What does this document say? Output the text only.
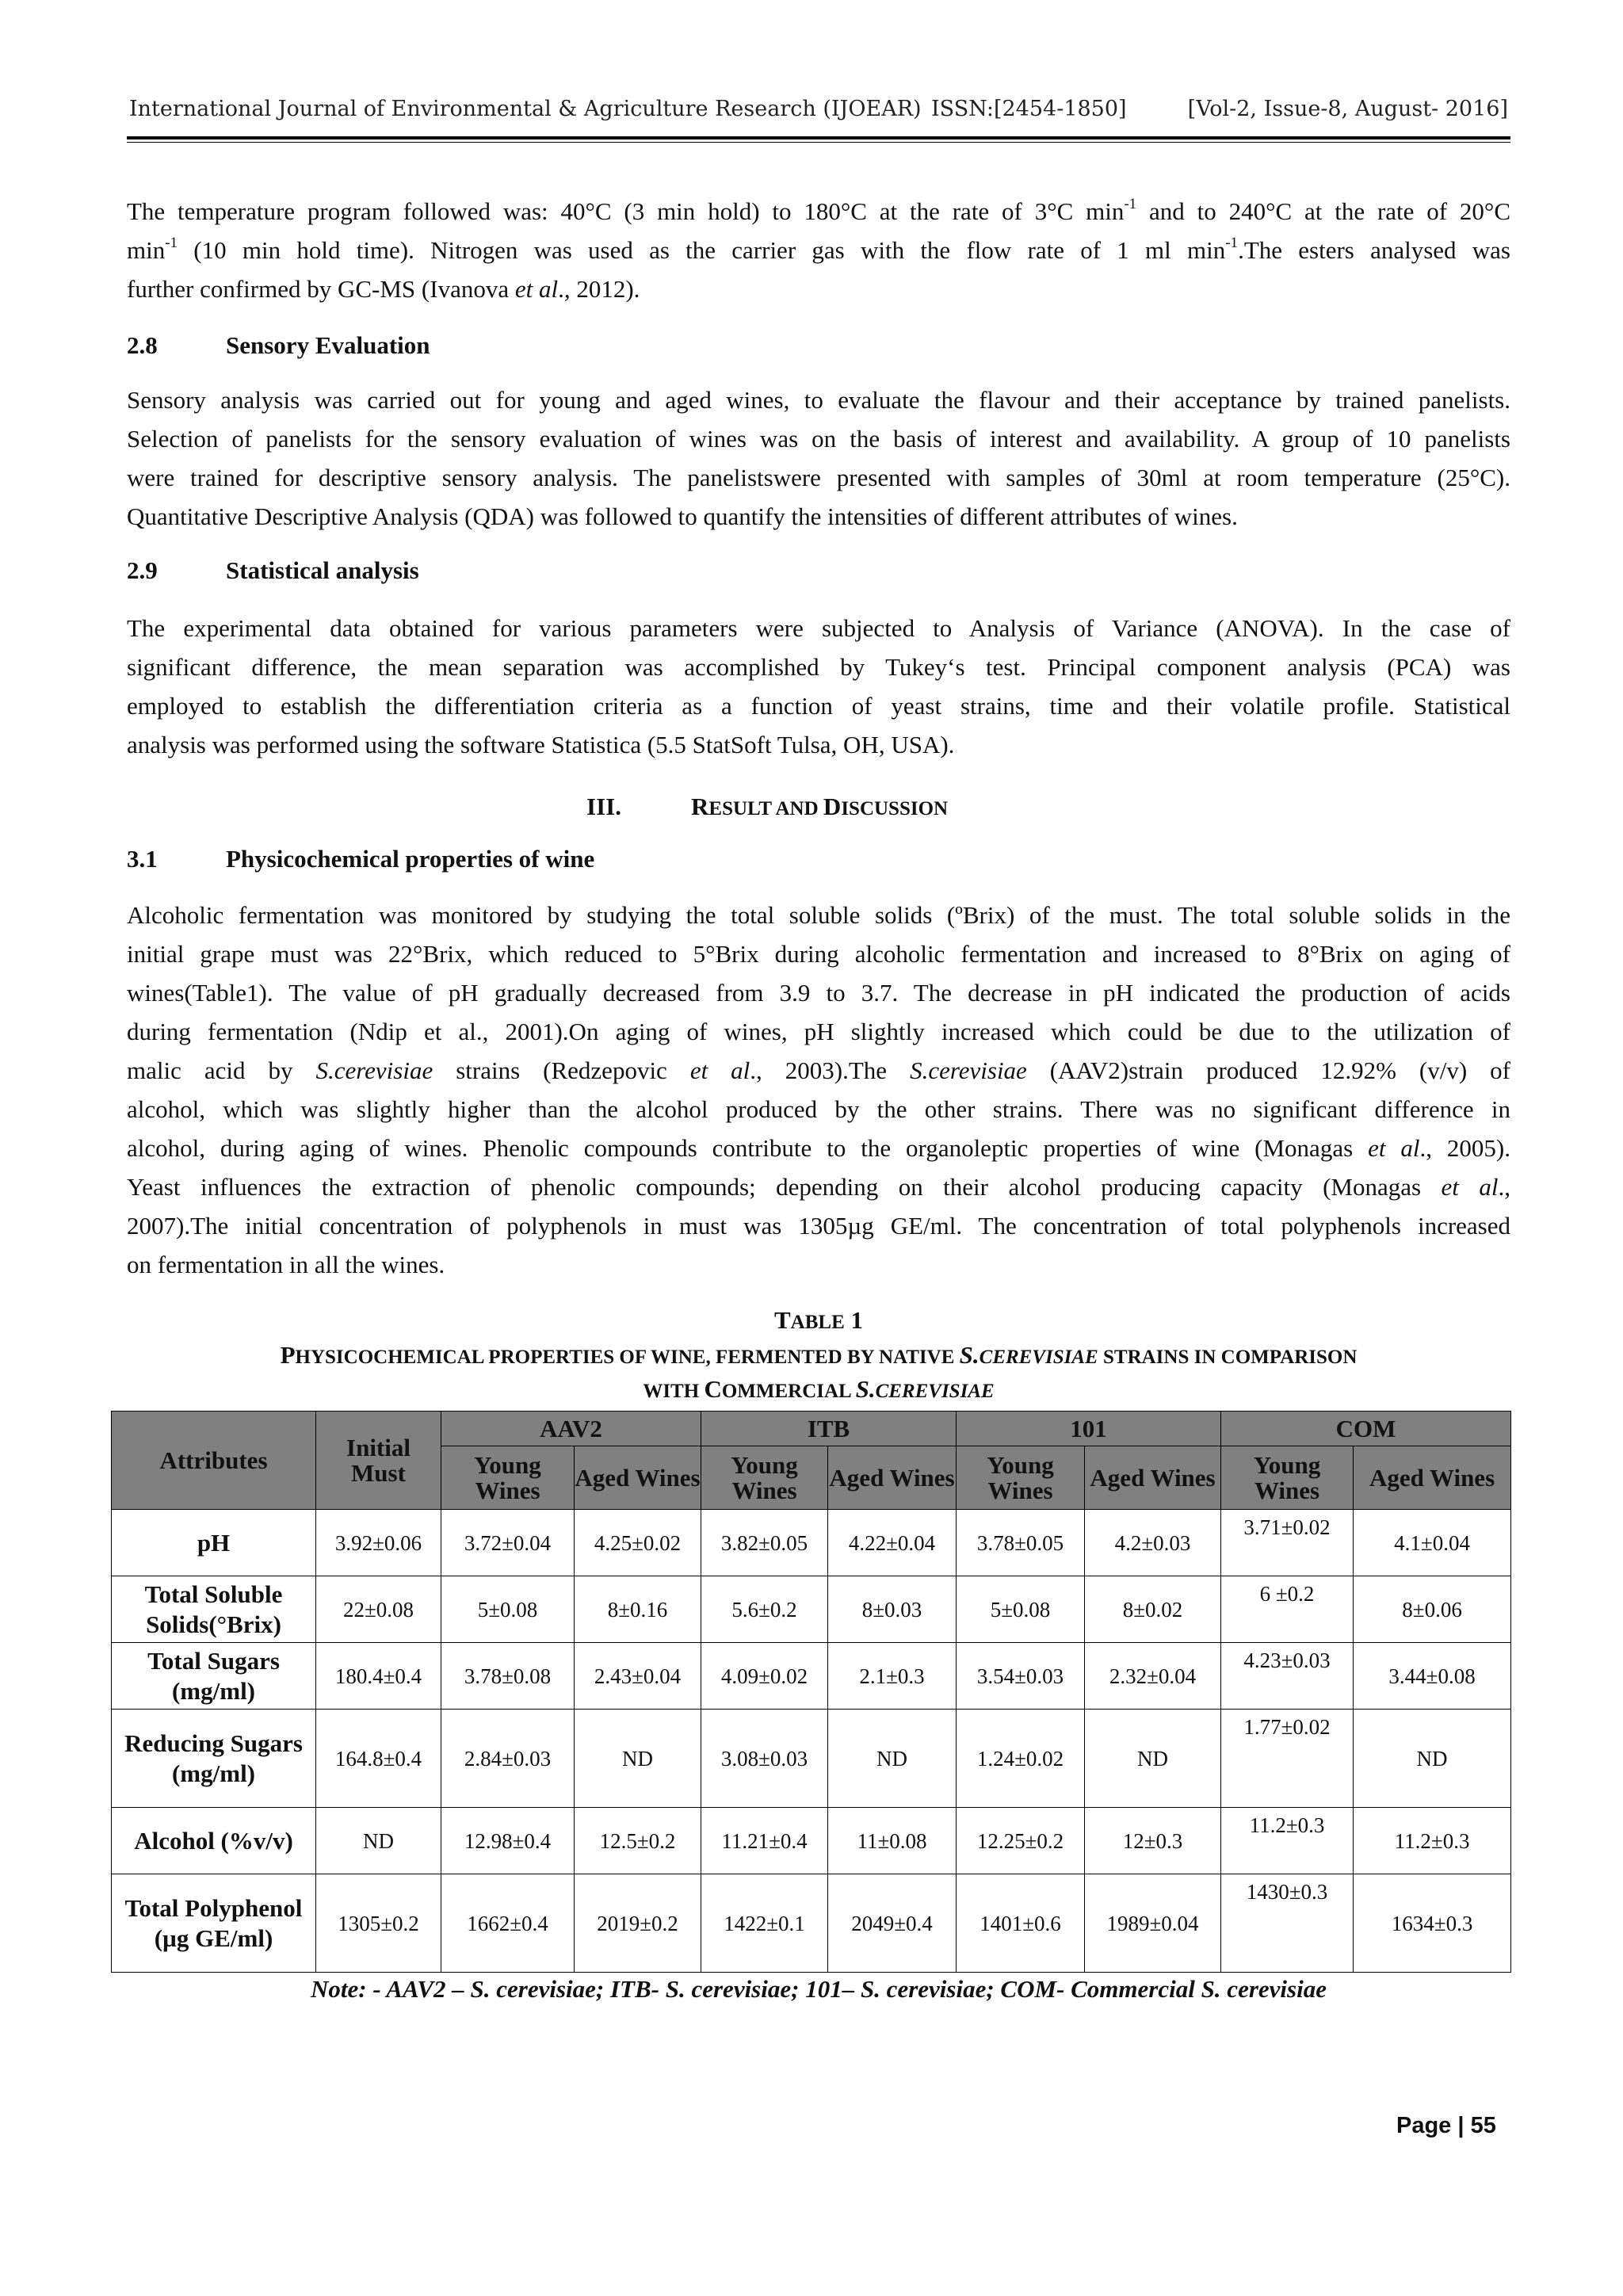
International Journal of Environmental & Agriculture Research (IJOEAR) ISSN:[2454-1850]	[Vol-2, Issue-8, August- 2016]
The temperature program followed was: 40°C (3 min hold) to 180°C at the rate of 3°C $\min^{-1}$ and to 240°C at the rate of 20°C
$\min^{-1} (10$ min hold time). Nitrogen was used as the carrier gas with the flow rate of 1 ml $\min^{-1}.The$ esters analysed was
further confirmed by GC-MS (Ivanova et al., 2012).
2.8	Sensory Evaluation
Sensory analysis was carried out for young and aged wines, to evaluate the flavour and their acceptance by trained panelists.
Selection of panelists for the sensory evaluation of wines was on the basis of interest and availability. A group of 10 panelists
were trained for descriptive sensory analysis. The panelistswere presented with samples of 30ml at room temperature (25°C).
Quantitative Descriptive Analysis (QDA) was followed to quantify the intensities of different attributes of wines.
2.9	Statistical analysis
The experimental data obtained for various parameters were subjected to Analysis of Variance (ANOVA). In the case of
significant difference, the mean separation was accomplished by Tukey‘s test. Principal component analysis (PCA) was
employed to establish the differentiation criteria as a function of yeast strains, time and their volatile profile. Statistical
analysis was performed using the software Statistica (5.5 StatSoft Tulsa, OH, USA).
III.	RESULT AND DISCUSSION
3.1	Physicochemical properties of wine
Alcoholic fermentation was monitored by studying the total soluble solids (ºBrix) of the must. The total soluble solids in the
initial grape must was 22°Brix, which reduced to 5°Brix during alcoholic fermentation and increased to 8°Brix on aging of
wines(Table1). The value of pH gradually decreased from 3.9 to 3.7. The decrease in pH indicated the production of acids
during fermentation (Ndip et al., 2001).On aging of wines, pH slightly increased which could be due to the utilization of
malic acid by S.cerevisiae strains (Redzepovic et al., 2003).The S.cerevisiae (AAV2)strain produced 12.92% (v/v) of
alcohol, which was slightly higher than the alcohol produced by the other strains. There was no significant difference in
alcohol, during aging of wines. Phenolic compounds contribute to the organoleptic properties of wine (Monagas et al., 2005).
Yeast influences the extraction of phenolic compounds; depending on their alcohol producing capacity (Monagas et al.,
2007).The initial concentration of polyphenols in must was 1305µg GE/ml. The concentration of total polyphenols increased
on fermentation in all the wines.
TABLE 1
PHYSICOCHEMICAL PROPERTIES OF WINE, FERMENTED BY NATIVE S.CEREVISIAE STRAINS IN COMPARISON
WITH COMMERCIAL S.CEREVISIAE
Attributes	Initial Must	AAV2		ITB		101		COM	
		Young Wines	Aged Wines	Young Wines	Aged Wines	Young Wines	Aged Wines	Young Wines	Aged Wines
pH	3.92±0.06	3.72±0.04	4.25±0.02	3.82±0.05	4.22±0.04	3.78±0.05	4.2±0.03	3.71±0.02	4.1±0.04
Total Soluble Solids(°Brix)	22±0.08	5±0.08	8±0.16	5.6±0.2	8±0.03	5±0.08	8±0.02	6 ±0.2	8±0.06
Total Sugars (mg/ml)	180.4±0.4	3.78±0.08	2.43±0.04	4.09±0.02	2.1±0.3	3.54±0.03	2.32±0.04	4.23±0.03	3.44±0.08
Reducing Sugars (mg/ml)	164.8±0.4	2.84±0.03	ND	3.08±0.03	ND	1.24±0.02	ND	1.77±0.02	ND
Alcohol (%v/v)	ND	12.98±0.4	12.5±0.2	11.21±0.4	11±0.08	12.25±0.2	12±0.3	11.2±0.3	11.2±0.3
Total Polyphenol (µg GE/ml)	1305±0.2	1662±0.4	2019±0.2	1422±0.1	2049±0.4	1401±0.6	1989±0.04	1430±0.3	1634±0.3
Note: - AAV2 – S. cerevisiae; ITB- S. cerevisiae; 101– S. cerevisiae; COM- Commercial S. cerevisiae
Page | 55
